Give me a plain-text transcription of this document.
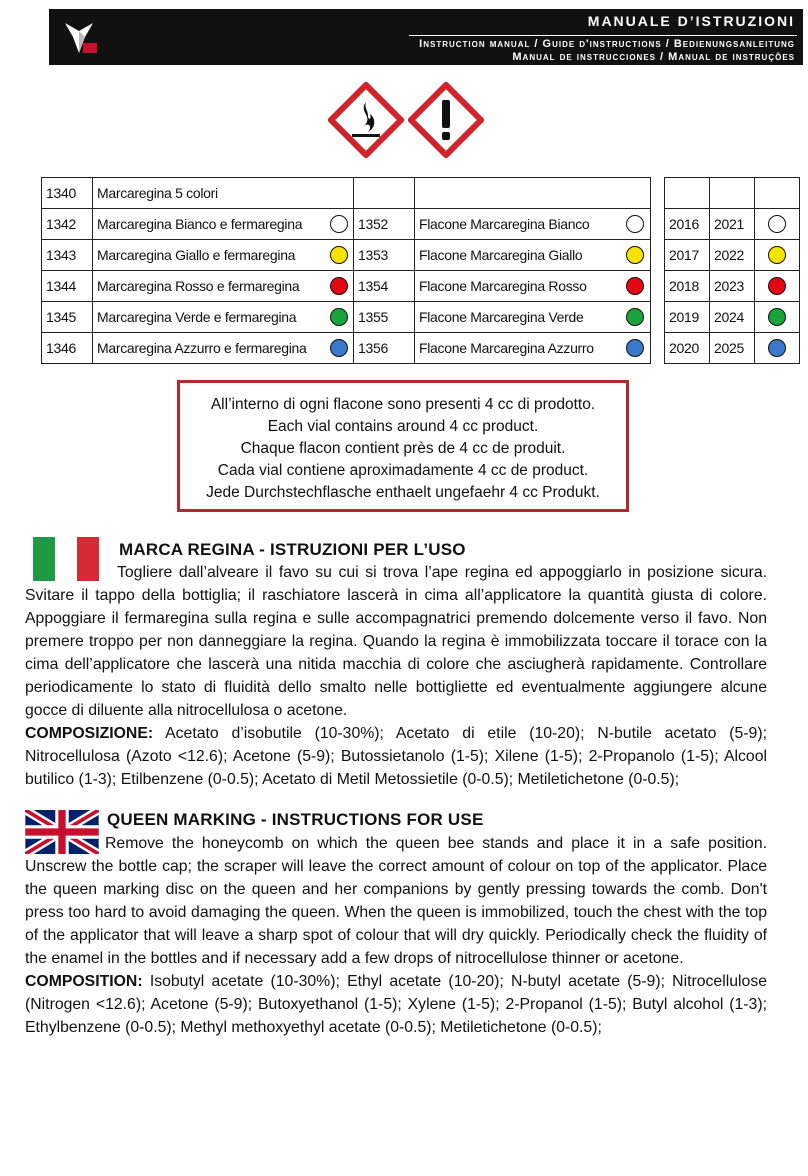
MANUALE D’ISTRUZIONI
Instruction manual / Guide d'instructions / Bedienungsanleitung
Manual de instrucciones / Manual de instruções
1340	Marcaregina 5 colori				
1342	Marcaregina Bianco e fermaregina		1352	Flacone Marcaregina Bianco	
1343	Marcaregina Giallo e fermaregina		1353	Flacone Marcaregina Giallo	
1344	Marcaregina Rosso e fermaregina		1354	Flacone Marcaregina Rosso	
1345	Marcaregina Verde e fermaregina		1355	Flacone Marcaregina Verde	
1346	Marcaregina Azzurro e fermaregina		1356	Flacone Marcaregina Azzurro	

2016	2021	
2017	2022	
2018	2023	
2019	2024	
2020	2025	
All’interno di ogni flacone sono presenti 4 cc di prodotto.
Each vial contains around 4 cc product.
Chaque flacon contient près de 4 cc de produit.
Cada vial contiene aproximadamente 4 cc de product.
Jede Durchstechflasche enthaelt ungefaehr 4 cc Produkt.
MARCA REGINA - ISTRUZIONI PER L’USO
Togliere dall’alveare il favo su cui si trova l’ape regina ed appoggiarlo in posizione sicura. Svitare il tappo della bottiglia; il raschiatore lascerà in cima all’applicatore la quantità giusta di colore. Appoggiare il fermaregina sulla regina e sulle accompagnatrici premendo dolcemente verso il favo. Non premere troppo per non danneggiare la regina. Quando la regina è immobilizzata toccare il torace con la cima dell’applicatore che lascerà una nitida macchia di colore che asciugherà rapidamente. Controllare periodicamente lo stato di fluidità dello smalto nelle bottigliette ed eventualmente aggiungere alcune gocce di diluente alla nitrocellulosa o acetone.
COMPOSIZIONE: Acetato d’isobutile (10-30%); Acetato di etile (10-20); N-butile acetato (5-9); Nitrocellulosa (Azoto <12.6); Acetone (5-9); Butossietanolo (1-5); Xilene (1-5); 2-Propanolo (1-5); Alcool butilico (1-3); Etilbenzene (0-0.5); Acetato di Metil Metossietile (0-0.5); Metiletichetone (0-0.5);
QUEEN MARKING - INSTRUCTIONS FOR USE
Remove the honeycomb on which the queen bee stands and place it in a safe position. Unscrew the bottle cap; the scraper will leave the correct amount of colour on top of the applicator. Place the queen marking disc on the queen and her companions by gently pressing towards the comb. Don't press too hard to avoid damaging the queen. When the queen is immobilized, touch the chest with the top of the applicator that will leave a sharp spot of colour that will dry quickly. Periodically check the fluidity of the enamel in the bottles and if necessary add a few drops of nitrocellulose thinner or acetone.
COMPOSITION: Isobutyl acetate (10-30%); Ethyl acetate (10-20); N-butyl acetate (5-9); Nitrocellulose (Nitrogen <12.6); Acetone (5-9); Butoxyethanol (1-5); Xylene (1-5); 2-Propanol (1-5); Butyl alcohol (1-3); Ethylbenzene (0-0.5); Methyl methoxyethyl acetate (0-0.5); Metiletichetone (0-0.5);
